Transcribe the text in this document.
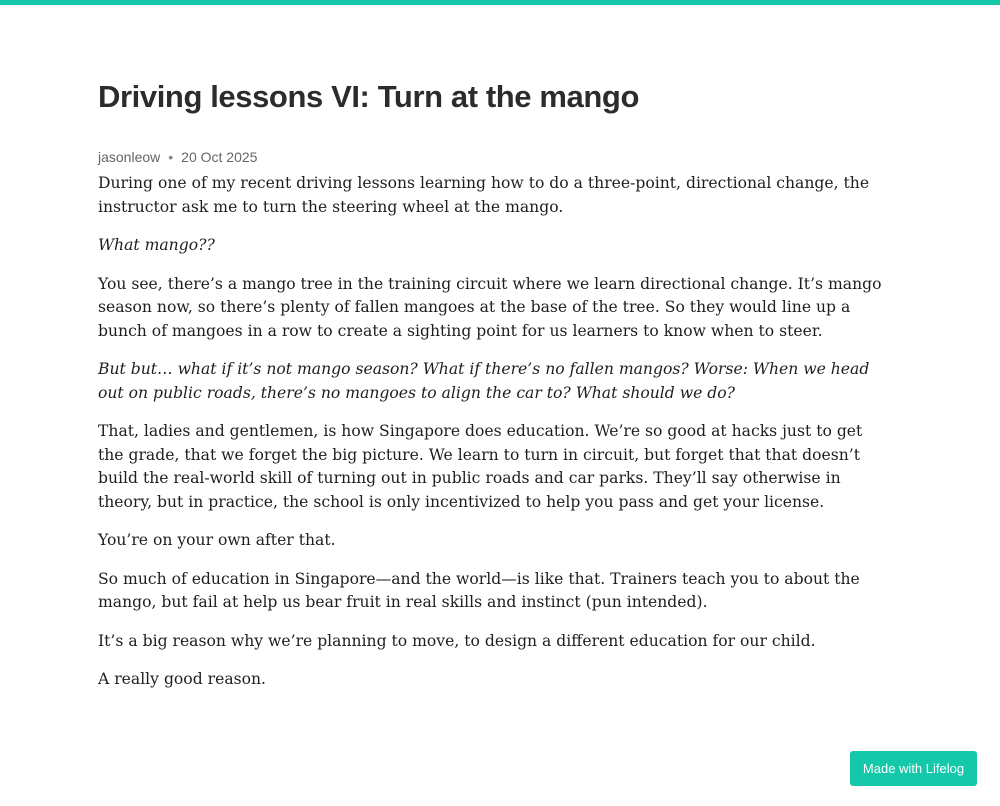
Driving lessons VI: Turn at the mango
jasonleow • 20 Oct 2025

During one of my recent driving lessons learning how to do a three-point, directional change, the instructor ask me to turn the steering wheel at the mango.

What mango??

You see, there’s a mango tree in the training circuit where we learn directional change. It’s mango season now, so there’s plenty of fallen mangoes at the base of the tree. So they would line up a bunch of mangoes in a row to create a sighting point for us learners to know when to steer.

But but… what if it’s not mango season? What if there’s no fallen mangos? Worse: When we head out on public roads, there’s no mangoes to align the car to? What should we do?

That, ladies and gentlemen, is how Singapore does education. We’re so good at hacks just to get the grade, that we forget the big picture. We learn to turn in circuit, but forget that that doesn’t build the real-world skill of turning out in public roads and car parks. They’ll say otherwise in theory, but in practice, the school is only incentivized to help you pass and get your license.

You’re on your own after that.

So much of education in Singapore—and the world—is like that. Trainers teach you to about the mango, but fail at help us bear fruit in real skills and instinct (pun intended).

It’s a big reason why we’re planning to move, to design a different education for our child.

A really good reason.

Made with Lifelog
